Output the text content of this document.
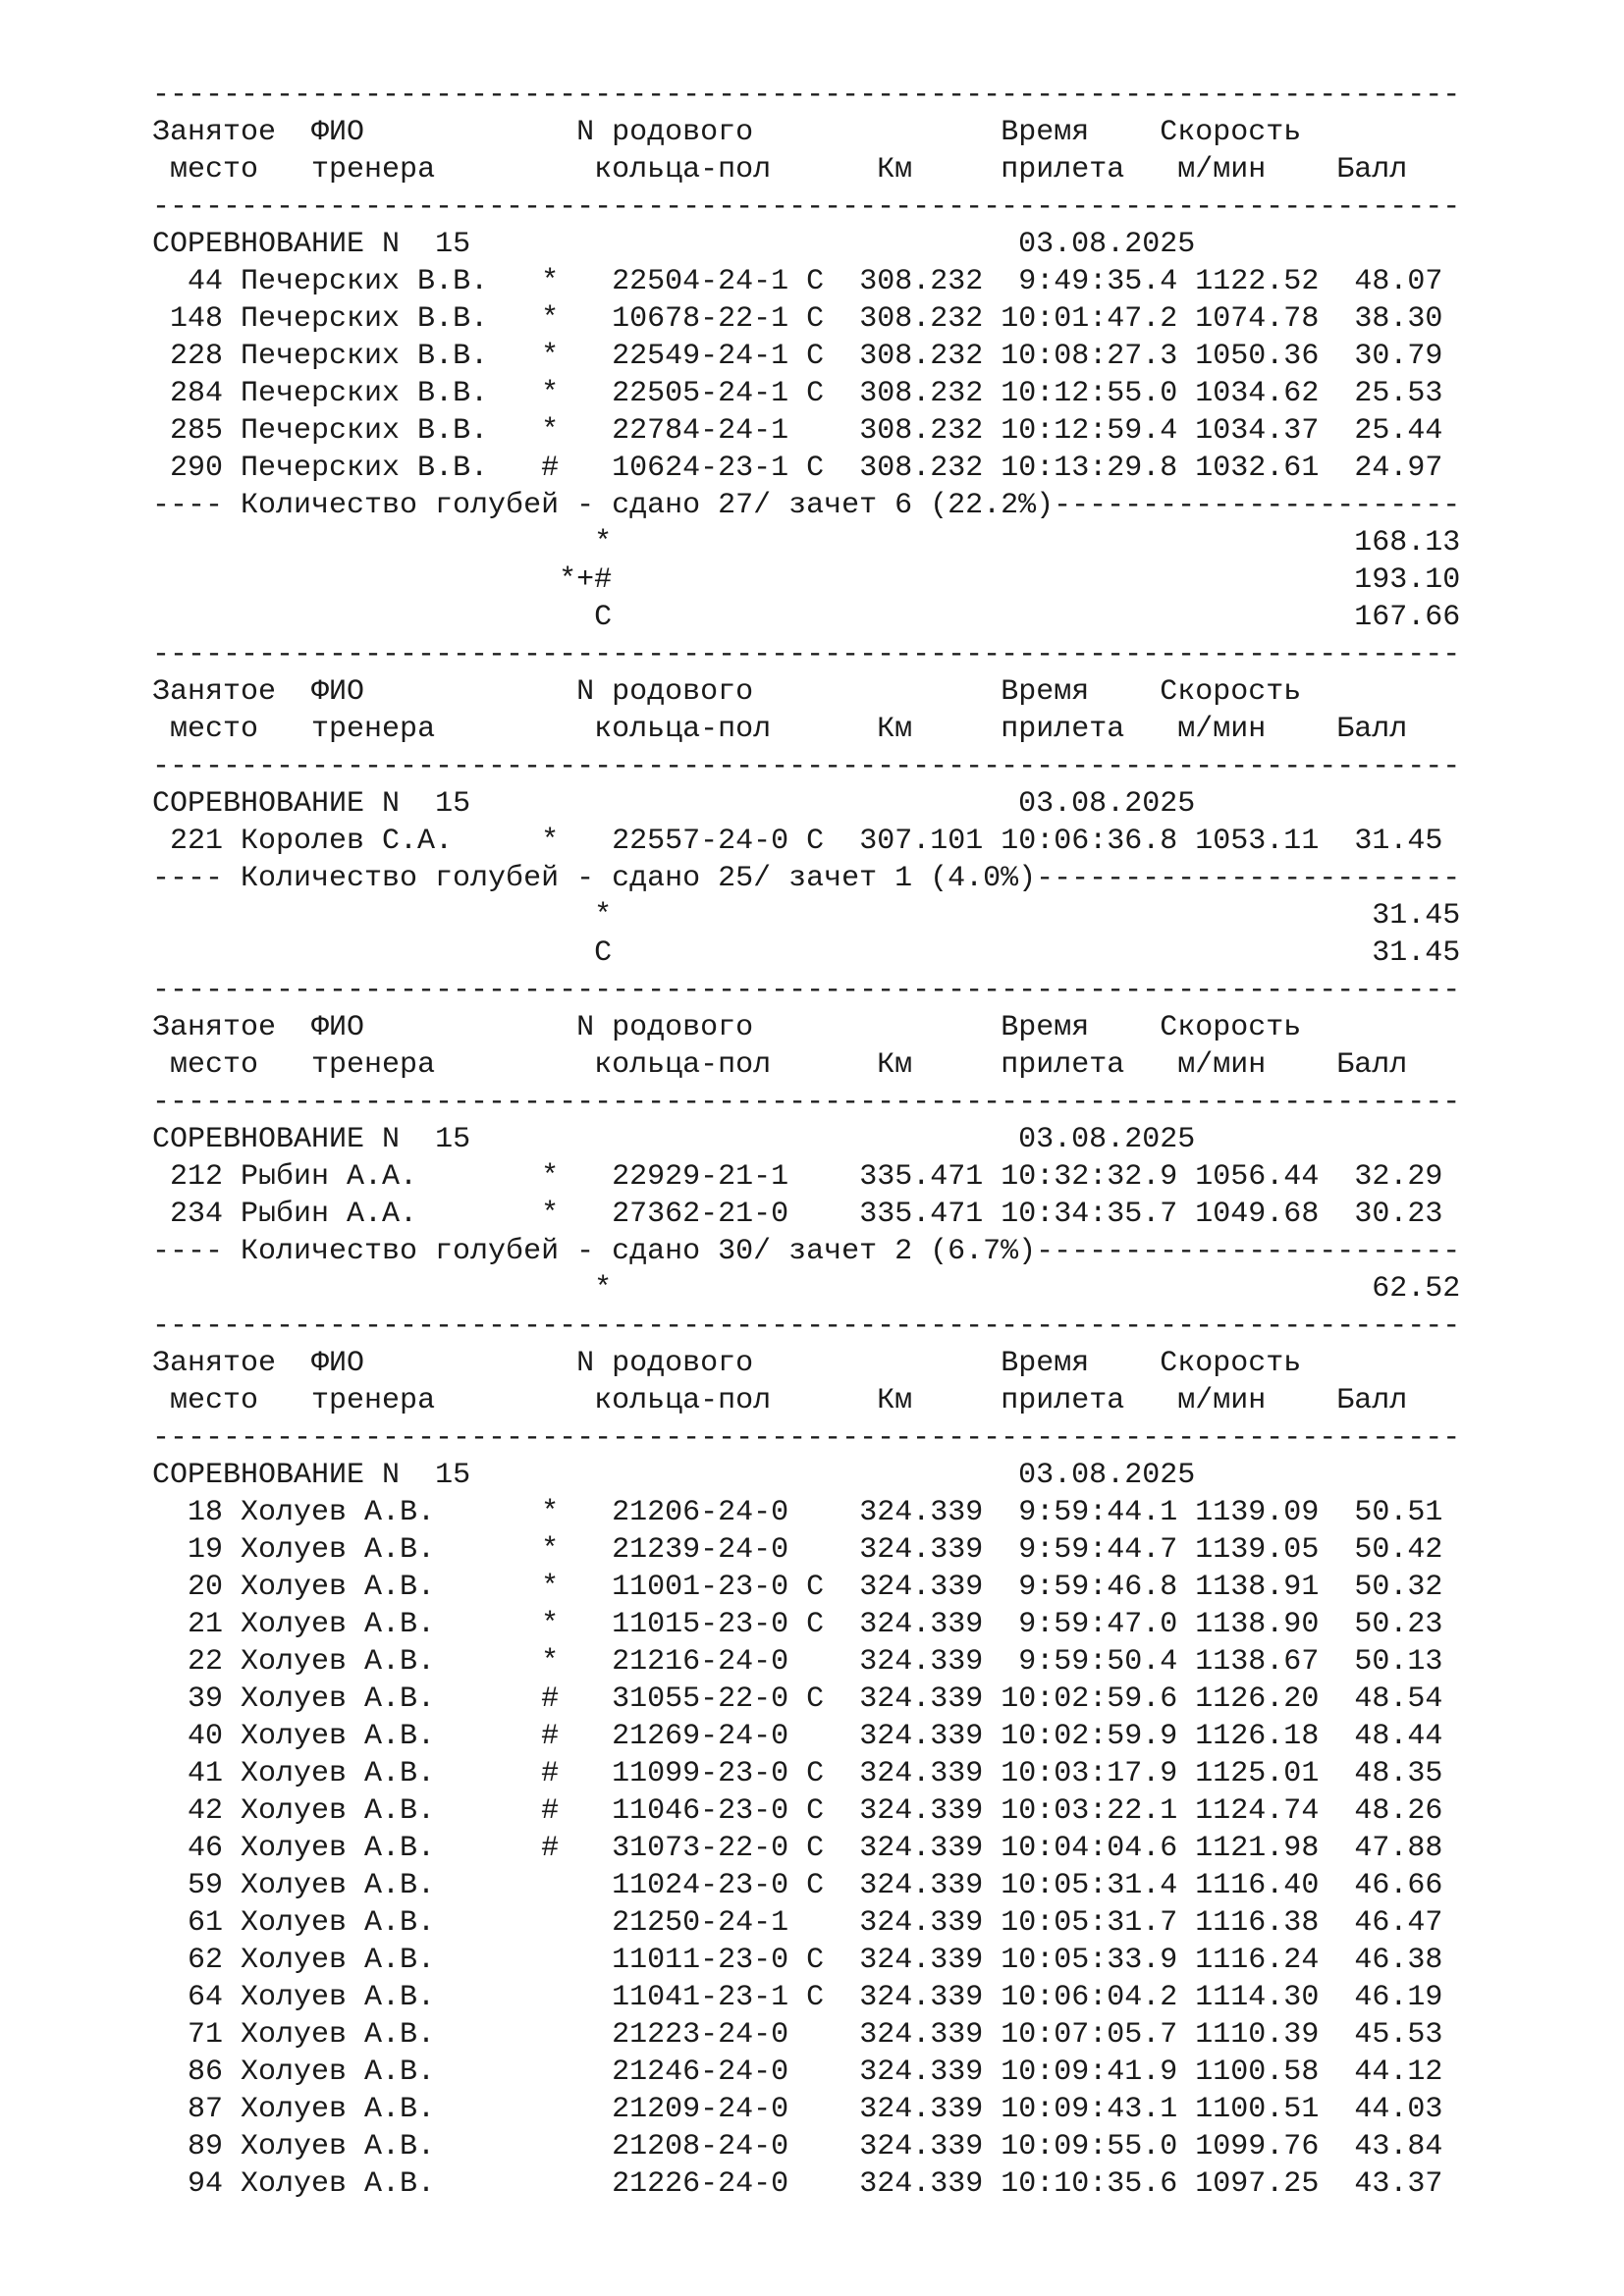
--------------------------------------------------------------------------
Занятое ФИО	N родового	Время Скорость
место тренера	кольца-пол	Км	прилета м/мин Балл
--------------------------------------------------------------------------
СОРЕВНОВАНИЕ N 15	03.08.2025
44 Печерских В.В.   * 22504-24-1 С 308.232  9:49:35.4 1122.52 48.07
148 Печерских В.В.   * 10678-22-1 С 308.232 10:01:47.2 1074.78 38.30
228 Печерских В.В.   * 22549-24-1 С 308.232 10:08:27.3 1050.36 30.79
284 Печерских В.В.   * 22505-24-1 С 308.232 10:12:55.0 1034.62 25.53
285 Печерских В.В.   * 22784-24-1 308.232 10:12:59.4 1034.37 25.44
290 Печерских В.В.   # 10624-23-1 С 308.232 10:13:29.8 1032.61 24.97
---- Количество голубей - сдано 27/ зачет 6 (22.2%)-----------------------
*	168.13
*+#	193.10
С	167.66
--------------------------------------------------------------------------
Занятое ФИО	N родового	Время Скорость
место тренера	кольца-пол	Км	прилета м/мин Балл
--------------------------------------------------------------------------
СОРЕВНОВАНИЕ N 15	03.08.2025
221 Королев С.А.     * 22557-24-0 С 307.101 10:06:36.8 1053.11 31.45
---- Количество голубей - сдано 25/ зачет 1 (4.0%)------------------------
*	31.45
С	31.45
--------------------------------------------------------------------------
Занятое ФИО	N родового	Время Скорость
место тренера	кольца-пол	Км	прилета м/мин Балл
--------------------------------------------------------------------------
СОРЕВНОВАНИЕ N 15	03.08.2025
212 Рыбин А.А.       * 22929-21-1 335.471 10:32:32.9 1056.44 32.29
234 Рыбин А.А.       * 27362-21-0 335.471 10:34:35.7 1049.68 30.23
---- Количество голубей - сдано 30/ зачет 2 (6.7%)------------------------
*	62.52
--------------------------------------------------------------------------
Занятое ФИО	N родового	Время Скорость
место тренера	кольца-пол	Км	прилета м/мин Балл
--------------------------------------------------------------------------
СОРЕВНОВАНИЕ N 15	03.08.2025
18 Холуев А.В.      * 21206-24-0 324.339  9:59:44.1 1139.09 50.51
19 Холуев А.В.      * 21239-24-0 324.339  9:59:44.7 1139.05 50.42
20 Холуев А.В.      * 11001-23-0 С 324.339  9:59:46.8 1138.91 50.32
21 Холуев А.В.      * 11015-23-0 С 324.339  9:59:47.0 1138.90 50.23
22 Холуев А.В.      * 21216-24-0 324.339  9:59:50.4 1138.67 50.13
39 Холуев А.В.      # 31055-22-0 С 324.339 10:02:59.6 1126.20 48.54
40 Холуев А.В.      # 21269-24-0 324.339 10:02:59.9 1126.18 48.44
41 Холуев А.В.      # 11099-23-0 С 324.339 10:03:17.9 1125.01 48.35
42 Холуев А.В.      # 11046-23-0 С 324.339 10:03:22.1 1124.74 48.26
46 Холуев А.В.      # 31073-22-0 С 324.339 10:04:04.6 1121.98 47.88
59 Холуев А.В.	11024-23-0 С 324.339 10:05:31.4 1116.40 46.66
61 Холуев А.В.	21250-24-1 324.339 10:05:31.7 1116.38 46.47
62 Холуев А.В.	11011-23-0 С 324.339 10:05:33.9 1116.24 46.38
64 Холуев А.В.	11041-23-1 С 324.339 10:06:04.2 1114.30 46.19
71 Холуев А.В.	21223-24-0 324.339 10:07:05.7 1110.39 45.53
86 Холуев А.В.	21246-24-0 324.339 10:09:41.9 1100.58 44.12
87 Холуев А.В.	21209-24-0 324.339 10:09:43.1 1100.51 44.03
89 Холуев А.В.	21208-24-0 324.339 10:09:55.0 1099.76 43.84
94 Холуев А.В.	21226-24-0 324.339 10:10:35.6 1097.25 43.37
